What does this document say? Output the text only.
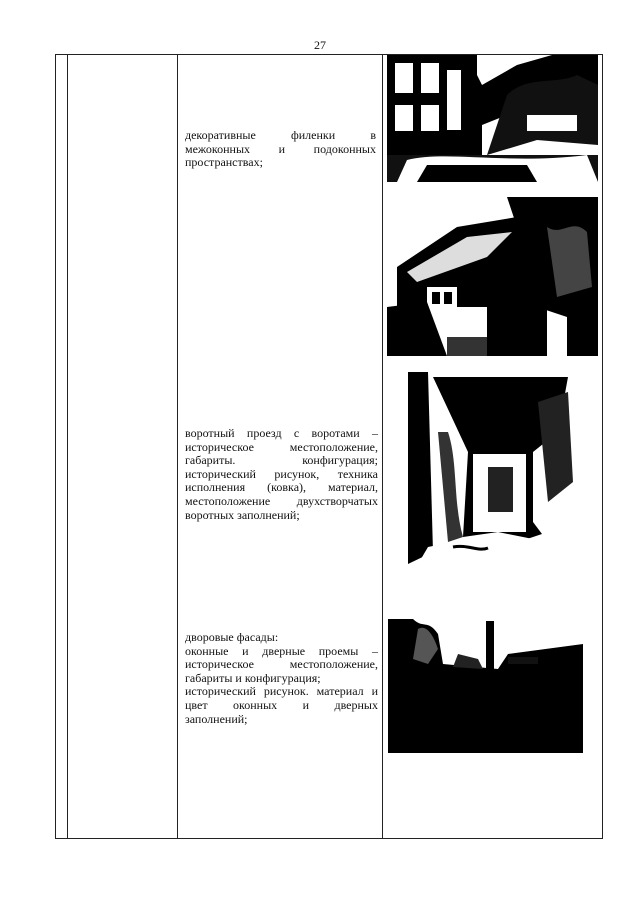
27
декоративные филенки в
межоконных и подоконных
пространствах;
воротный проезд с воротами –
историческое местоположение,
габариты. конфигурация;
исторический рисунок, техника
исполнения (ковка), материал,
местоположение двухстворчатых
воротных заполнений;
дворовые фасады:
оконные и дверные проемы –
историческое местоположение,
габариты и конфигурация;
исторический рисунок. материал и
цвет оконных и дверных
заполнений;
